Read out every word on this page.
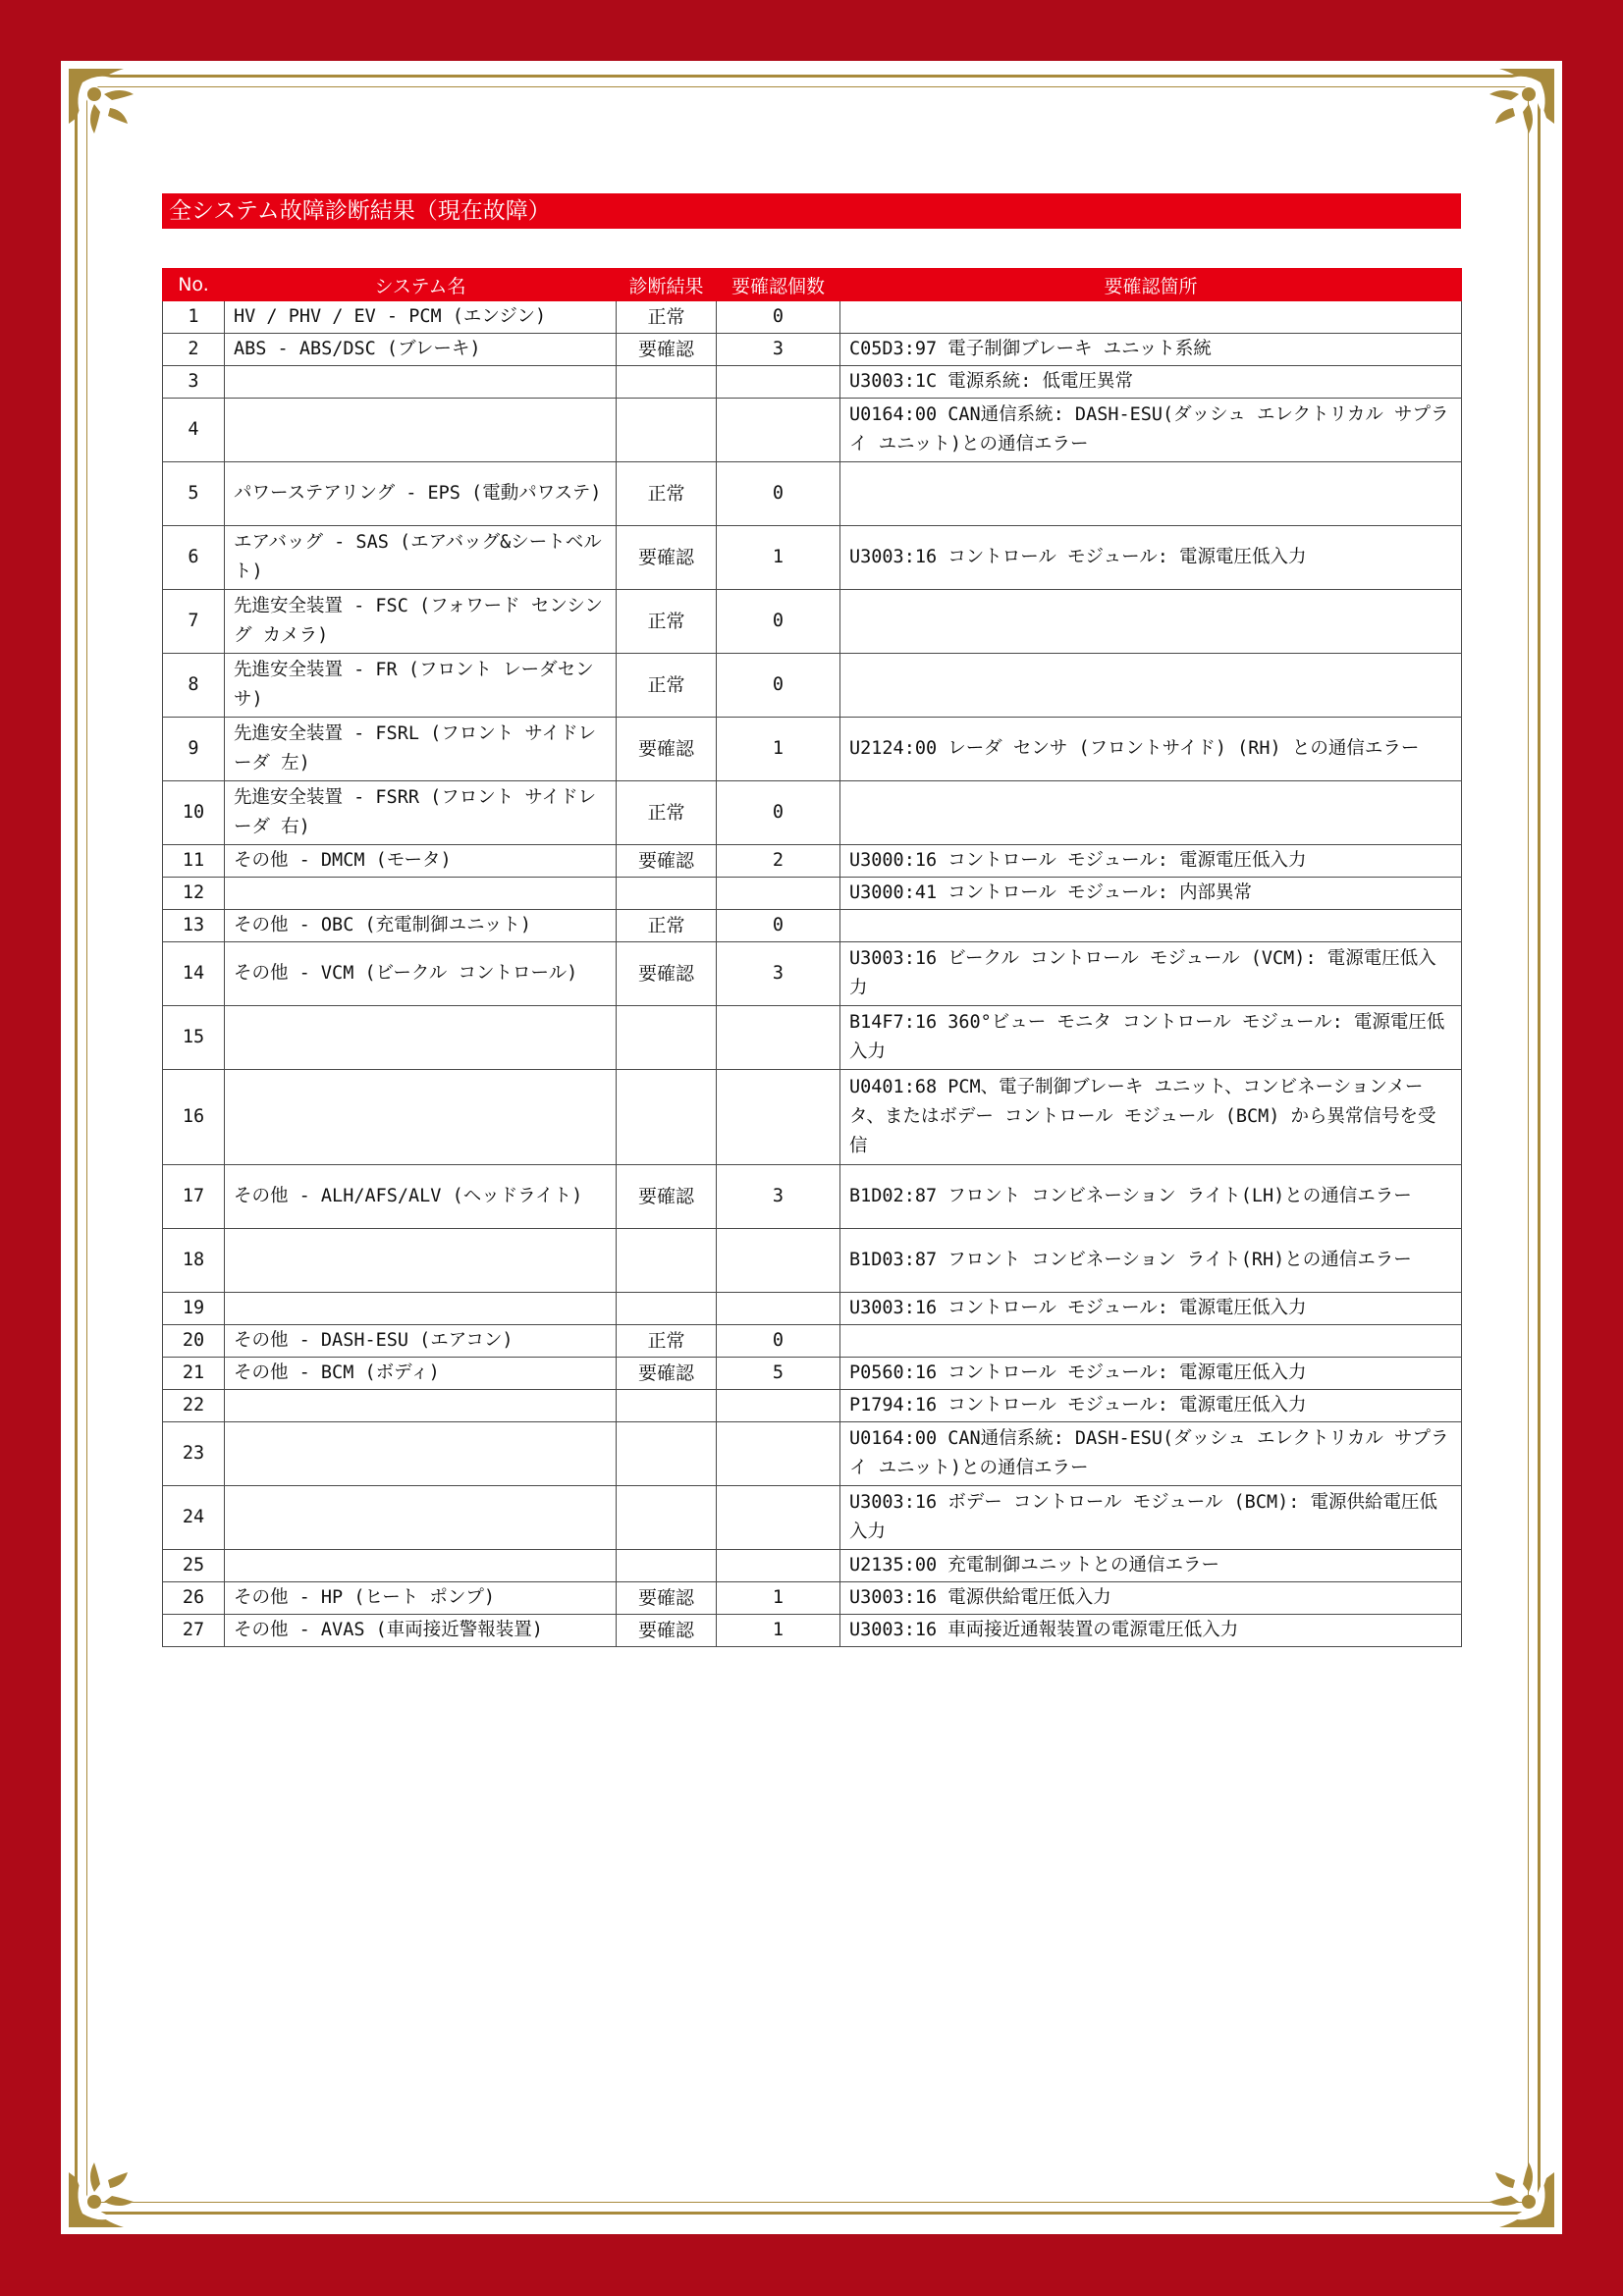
全システム故障診断結果（現在故障）
No.	システム名	診断結果	要確認個数	要確認箇所
1	HV / PHV / EV - PCM (エンジン)	正常	0	
2	ABS - ABS/DSC (ブレーキ)	要確認	3	C05D3:97 電子制御ブレーキ ユニット系統
3				U3003:1C 電源系統: 低電圧異常
4				U0164:00 CAN通信系統: DASH-ESU(ダッシュ エレクトリカル サプライ ユニット)との通信エラー
5	パワーステアリング - EPS (電動パワステ)	正常	0	
6	エアバッグ - SAS (エアバッグ&シートベルト)	要確認	1	U3003:16 コントロール モジュール: 電源電圧低入力
7	先進安全装置 - FSC (フォワード センシング カメラ)	正常	0	
8	先進安全装置 - FR (フロント レーダセンサ)	正常	0	
9	先進安全装置 - FSRL (フロント サイドレーダ 左)	要確認	1	U2124:00 レーダ センサ (フロントサイド) (RH) との通信エラー
10	先進安全装置 - FSRR (フロント サイドレーダ 右)	正常	0	
11	その他 - DMCM (モータ)	要確認	2	U3000:16 コントロール モジュール: 電源電圧低入力
12				U3000:41 コントロール モジュール: 内部異常
13	その他 - OBC (充電制御ユニット)	正常	0	
14	その他 - VCM (ビークル コントロール)	要確認	3	U3003:16 ビークル コントロール モジュール (VCM): 電源電圧低入力
15				B14F7:16 360°ビュー モニタ コントロール モジュール: 電源電圧低入力
16				U0401:68 PCM、電子制御ブレーキ ユニット、コンビネーションメータ、またはボデー コントロール モジュール (BCM) から異常信号を受信
17	その他 - ALH/AFS/ALV (ヘッドライト)	要確認	3	B1D02:87 フロント コンビネーション ライト(LH)との通信エラー
18				B1D03:87 フロント コンビネーション ライト(RH)との通信エラー
19				U3003:16 コントロール モジュール: 電源電圧低入力
20	その他 - DASH-ESU (エアコン)	正常	0	
21	その他 - BCM (ボディ)	要確認	5	P0560:16 コントロール モジュール: 電源電圧低入力
22				P1794:16 コントロール モジュール: 電源電圧低入力
23				U0164:00 CAN通信系統: DASH-ESU(ダッシュ エレクトリカル サプライ ユニット)との通信エラー
24				U3003:16 ボデー コントロール モジュール (BCM): 電源供給電圧低入力
25				U2135:00 充電制御ユニットとの通信エラー
26	その他 - HP (ヒート ポンプ)	要確認	1	U3003:16 電源供給電圧低入力
27	その他 - AVAS (車両接近警報装置)	要確認	1	U3003:16 車両接近通報装置の電源電圧低入力
